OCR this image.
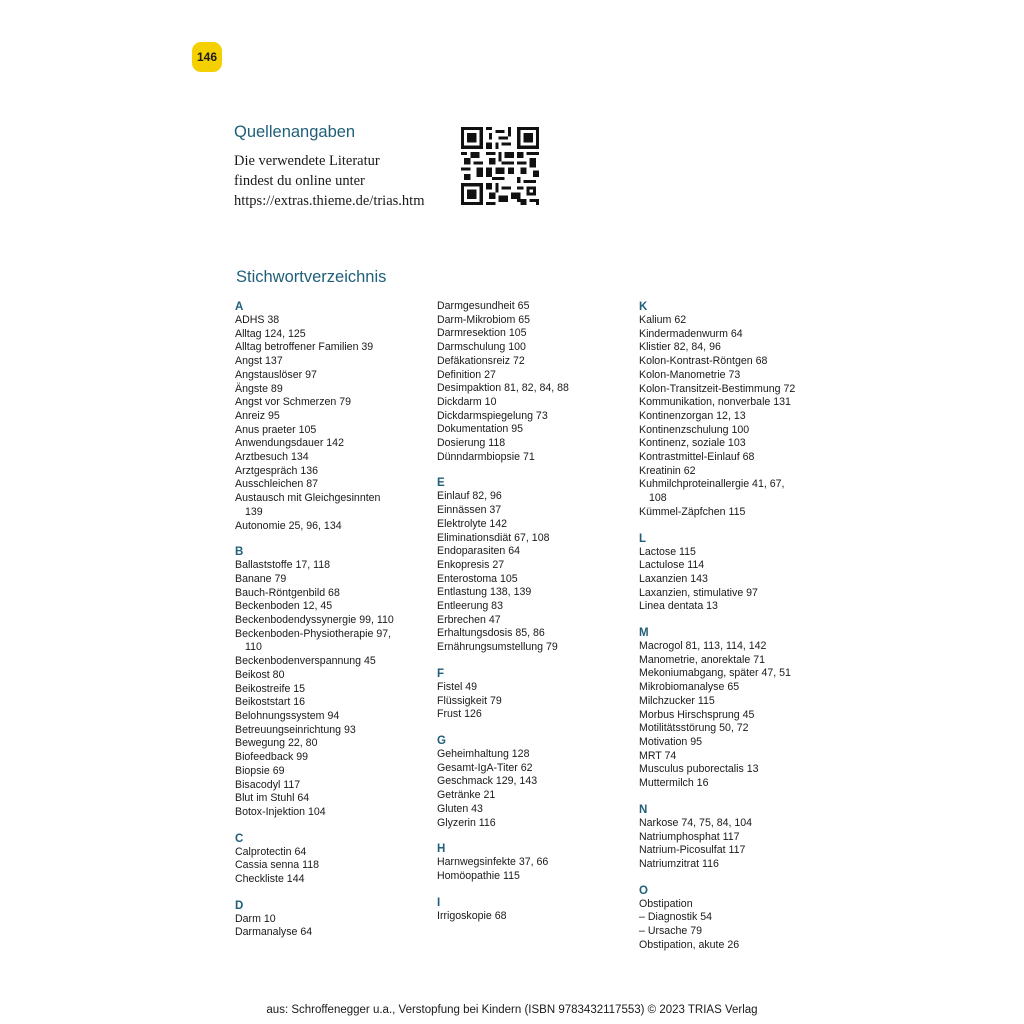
146
Quellenangaben
Die verwendete Literatur
findest du online unter
https://extras.thieme.de/trias.htm
Stichwortverzeichnis
A
ADHS 38
Alltag 124, 125
Alltag betroffener Familien 39
Angst 137
Angstauslöser 97
Ängste 89
Angst vor Schmerzen 79
Anreiz 95
Anus praeter 105
Anwendungsdauer 142
Arztbesuch 134
Arztgespräch 136
Ausschleichen 87
Austausch mit Gleichgesinnten
139
Autonomie 25, 96, 134
B
Ballaststoffe 17, 118
Banane 79
Bauch-Röntgenbild 68
Beckenboden 12, 45
Beckenbodendyssynergie 99, 110
Beckenboden-Physiotherapie 97,
110
Beckenbodenverspannung 45
Beikost 80
Beikostreife 15
Beikoststart 16
Belohnungssystem 94
Betreuungseinrichtung 93
Bewegung 22, 80
Biofeedback 99
Biopsie 69
Bisacodyl 117
Blut im Stuhl 64
Botox-Injektion 104
C
Calprotectin 64
Cassia senna 118
Checkliste 144
D
Darm 10
Darmanalyse 64
Darmgesundheit 65
Darm-Mikrobiom 65
Darmresektion 105
Darmschulung 100
Defäkationsreiz 72
Definition 27
Desimpaktion 81, 82, 84, 88
Dickdarm 10
Dickdarmspiegelung 73
Dokumentation 95
Dosierung 118
Dünndarmbiopsie 71
E
Einlauf 82, 96
Einnässen 37
Elektrolyte 142
Eliminationsdiät 67, 108
Endoparasiten 64
Enkopresis 27
Enterostoma 105
Entlastung 138, 139
Entleerung 83
Erbrechen 47
Erhaltungsdosis 85, 86
Ernährungsumstellung 79
F
Fistel 49
Flüssigkeit 79
Frust 126
G
Geheimhaltung 128
Gesamt-IgA-Titer 62
Geschmack 129, 143
Getränke 21
Gluten 43
Glyzerin 116
H
Harnwegsinfekte 37, 66
Homöopathie 115
I
Irrigoskopie 68
K
Kalium 62
Kindermadenwurm 64
Klistier 82, 84, 96
Kolon-Kontrast-Röntgen 68
Kolon-Manometrie 73
Kolon-Transitzeit-Bestimmung 72
Kommunikation, nonverbale 131
Kontinenzorgan 12, 13
Kontinenzschulung 100
Kontinenz, soziale 103
Kontrastmittel-Einlauf 68
Kreatinin 62
Kuhmilchproteinallergie 41, 67,
108
Kümmel-Zäpfchen 115
L
Lactose 115
Lactulose 114
Laxanzien 143
Laxanzien, stimulative 97
Linea dentata 13
M
Macrogol 81, 113, 114, 142
Manometrie, anorektale 71
Mekoniumabgang, später 47, 51
Mikrobiomanalyse 65
Milchzucker 115
Morbus Hirschsprung 45
Motilitätsstörung 50, 72
Motivation 95
MRT 74
Musculus puborectalis 13
Muttermilch 16
N
Narkose 74, 75, 84, 104
Natriumphosphat 117
Natrium-Picosulfat 117
Natriumzitrat 116
O
Obstipation
– Diagnostik 54
– Ursache 79
Obstipation, akute 26
aus: Schroffenegger u.a., Verstopfung bei Kindern (ISBN 9783432117553) © 2023 TRIAS Verlag
